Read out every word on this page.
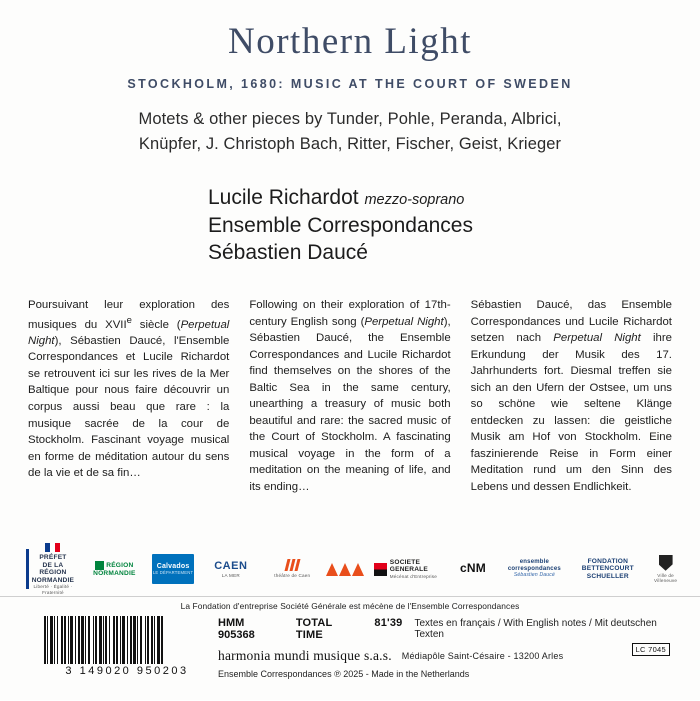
Northern Light
STOCKHOLM, 1680: MUSIC AT THE COURT OF SWEDEN
Motets & other pieces by Tunder, Pohle, Peranda, Albrici,
Knüpfer, J. Christoph Bach, Ritter, Fischer, Geist, Krieger
Lucile Richardot mezzo-soprano
Ensemble Correspondances
Sébastien Daucé

Poursuivant leur exploration des musiques du XVIIe siècle (Perpetual Night), Sébastien Daucé, l'Ensemble Correspondances et Lucile Richardot se retrouvent ici sur les rives de la Mer Baltique pour nous faire découvrir un corpus aussi beau que rare : la musique sacrée de la cour de Stockholm. Fascinant voyage musical en forme de méditation autour du sens de la vie et de sa fin…

Following on their exploration of 17th-century English song (Perpetual Night), Sébastien Daucé, the Ensemble Correspondances and Lucile Richardot find themselves on the shores of the Baltic Sea in the same century, unearthing a treasury of music both beautiful and rare: the sacred music of the Court of Stockholm. A fascinating musical voyage in the form of a meditation on the meaning of life, and its ending…

Sébastien Daucé, das Ensemble Correspondances und Lucile Richardot setzen nach Perpetual Night ihre Erkundung der Musik des 17. Jahrhunderts fort. Diesmal treffen sie sich an den Ufern der Ostsee, um uns so schöne wie seltene Klänge entdecken zu lassen: die geistliche Musik am Hof von Stockholm. Eine faszinierende Reise in Form einer Meditation rund um den Sinn des Lebens und dessen Endlichkeit.

PRÉFET
DE LA RÉGION
NORMANDIE
Liberté · Égalité · Fraternité
RÉGION
NORMANDIE
Calvados
LE DÉPARTEMENT
CAEN
LA MER	théâtre de Caen
SOCIETE GENERALE
Mécénat d'Entreprise
cNM	ensemble
correspondances
Sébastien Daucé
FONDATION
BETTENCOURT
SCHUELLER	Ville de
Villeneuve
La Fondation d'entreprise Société Générale est mécène de l'Ensemble Correspondances
3 149020 950203
HMM 905368
TOTAL TIME
81'39 Textes en français / With English notes / Mit deutschen Texten
harmonia mundi musique s.a.s. Médiapôle Saint-Césaire - 13200 Arles
Ensemble Correspondances ℗ 2025 - Made in the Netherlands
LC 7045
